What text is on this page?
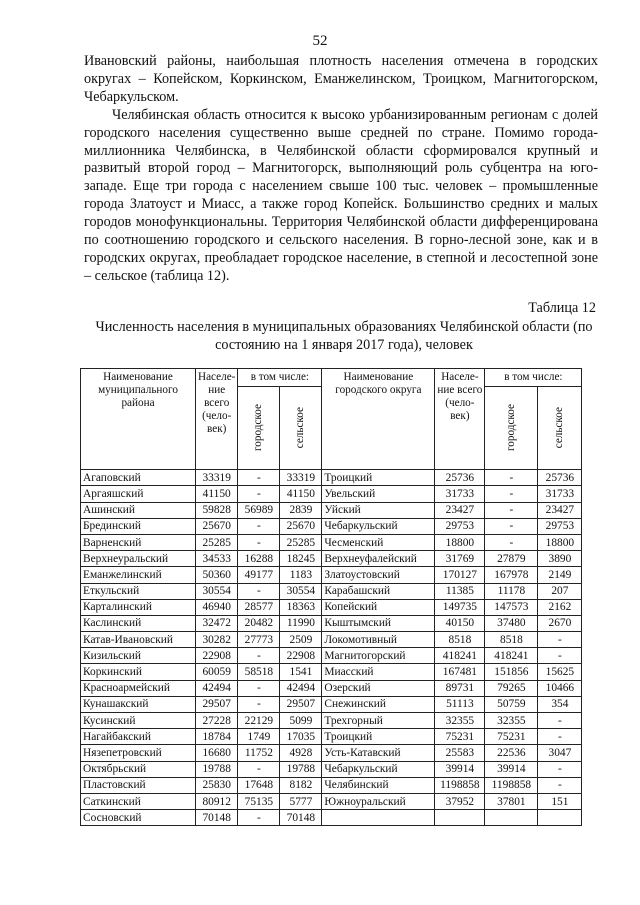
52

Ивановский районы, наибольшая плотность населения отмечена в городских округах – Копейском, Коркинском, Еманжелинском, Троицком, Магнитогорском, Чебаркульском.

Челябинская область относится к высоко урбанизированным регионам с долей городского населения существенно выше средней по стране. Помимо города-миллионника Челябинска, в Челябинской области сформировался крупный и развитый второй город – Магнитогорск, выполняющий роль субцентра на юго-западе. Еще три города с населением свыше 100 тыс. человек – промышленные города Златоуст и Миасс, а также город Копейск. Большинство средних и малых городов монофункциональны. Территория Челябинской области дифференцирована по соотношению городского и сельского населения. В горно-лесной зоне, как и в городских округах, преобладает городское население, в степной и лесостепной зоне – сельское (таблица 12).

Таблица 12
Численность населения в муниципальных образованиях Челябинской области (по состоянию на 1 января 2017 года), человек
Наименование муниципального района	Населе-ние всего (чело-век)	в том числе:		Наименование городского округа	Населе-ние всего (чело-век)	в том числе:	
		городское	сельское			городское	сельское
Агаповский	33319	-	33319	Троицкий	25736	-	25736
Аргаяшский	41150	-	41150	Увельский	31733	-	31733
Ашинский	59828	56989	2839	Уйский	23427	-	23427
Брединский	25670	-	25670	Чебаркульский	29753	-	29753
Варненский	25285	-	25285	Чесменский	18800	-	18800
Верхнеуральский	34533	16288	18245	Верхнеуфалейский	31769	27879	3890
Еманжелинский	50360	49177	1183	Златоустовский	170127	167978	2149
Еткульский	30554	-	30554	Карабашский	11385	11178	207
Карталинский	46940	28577	18363	Копейский	149735	147573	2162
Каслинский	32472	20482	11990	Кыштымский	40150	37480	2670
Катав-Ивановский	30282	27773	2509	Локомотивный	8518	8518	-
Кизильский	22908	-	22908	Магнитогорский	418241	418241	-
Коркинский	60059	58518	1541	Миасский	167481	151856	15625
Красноармейский	42494	-	42494	Озерский	89731	79265	10466
Кунашакский	29507	-	29507	Снежинский	51113	50759	354
Кусинский	27228	22129	5099	Трехгорный	32355	32355	-
Нагайбакский	18784	1749	17035	Троицкий	75231	75231	-
Нязепетровский	16680	11752	4928	Усть-Катавский	25583	22536	3047
Октябрьский	19788	-	19788	Чебаркульский	39914	39914	-
Пластовский	25830	17648	8182	Челябинский	1198858	1198858	-
Саткинский	80912	75135	5777	Южноуральский	37952	37801	151
Сосновский	70148	-	70148				
